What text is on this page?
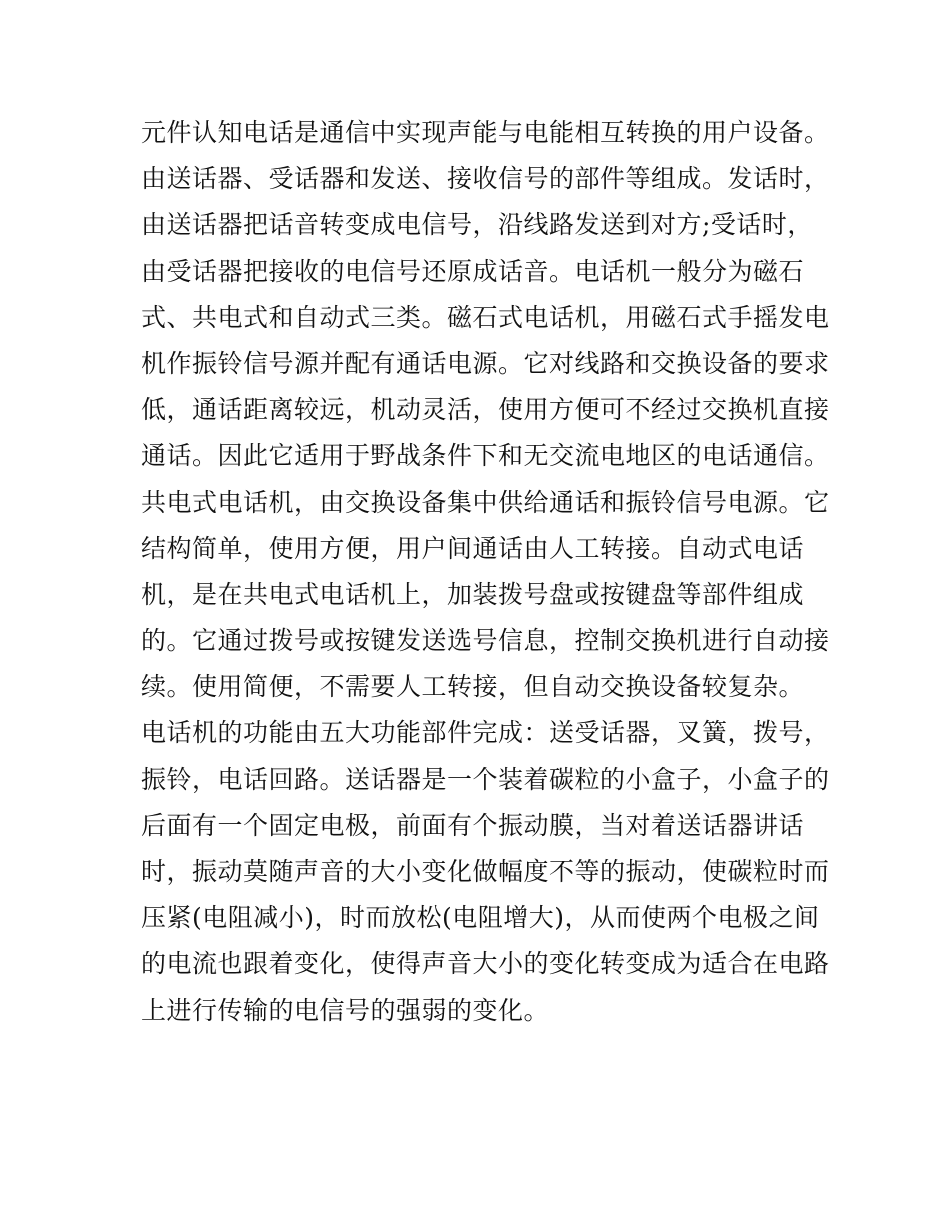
元件认知电话是通信中实现声能与电能相互转换的用户设备。
由送话器、受话器和发送、接收信号的部件等组成。发话时，
由送话器把话音转变成电信号，沿线路发送到对方;受话时，
由受话器把接收的电信号还原成话音。电话机一般分为磁石
式、共电式和自动式三类。磁石式电话机，用磁石式手摇发电
机作振铃信号源并配有通话电源。它对线路和交换设备的要求
低，通话距离较远，机动灵活，使用方便可不经过交换机直接
通话。因此它适用于野战条件下和无交流电地区的电话通信。
共电式电话机，由交换设备集中供给通话和振铃信号电源。它
结构简单，使用方便，用户间通话由人工转接。自动式电话
机，是在共电式电话机上，加装拨号盘或按键盘等部件组成
的。它通过拨号或按键发送选号信息，控制交换机进行自动接
续。使用简便，不需要人工转接，但自动交换设备较复杂。
电话机的功能由五大功能部件完成：送受话器，叉簧，拨号，
振铃，电话回路。送话器是一个装着碳粒的小盒子，小盒子的
后面有一个固定电极，前面有个振动膜，当对着送话器讲话
时，振动莫随声音的大小变化做幅度不等的振动，使碳粒时而
压紧(电阻减小)，时而放松(电阻增大)，从而使两个电极之间
的电流也跟着变化，使得声音大小的变化转变成为适合在电路
上进行传输的电信号的强弱的变化。
